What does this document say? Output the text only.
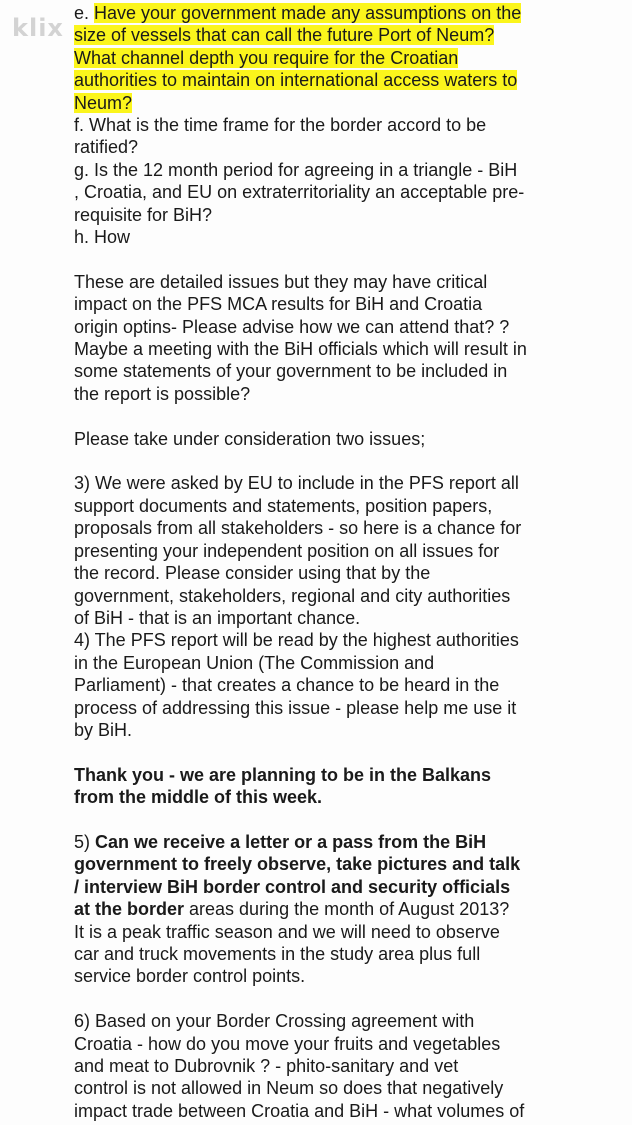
klix
e. Have your government made any assumptions on the
size of vessels that can call the future Port of Neum?
What channel depth you require for the Croatian
authorities to maintain on international access waters to
Neum?
f. What is the time frame for the border accord to be
ratified?
g. Is the 12 month period for agreeing in a triangle - BiH
, Croatia, and EU on extraterritoriality an acceptable pre-
requisite for BiH?
h. How
These are detailed issues but they may have critical
impact on the PFS MCA results for BiH and Croatia
origin optins- Please advise how we can attend that? ?
Maybe a meeting with the BiH officials which will result in
some statements of your government to be included in
the report is possible?
Please take under consideration two issues;
3) We were asked by EU to include in the PFS report all
support documents and statements, position papers,
proposals from all stakeholders - so here is a chance for
presenting your independent position on all issues for
the record. Please consider using that by the
government, stakeholders, regional and city authorities
of BiH - that is an important chance.
4) The PFS report will be read by the highest authorities
in the European Union (The Commission and
Parliament) - that creates a chance to be heard in the
process of addressing this issue - please help me use it
by BiH.
Thank you - we are planning to be in the Balkans
from the middle of this week.
5) Can we receive a letter or a pass from the BiH
government to freely observe, take pictures and talk
/ interview BiH border control and security officials
at the border areas during the month of August 2013?
It is a peak traffic season and we will need to observe
car and truck movements in the study area plus full
service border control points.
6) Based on your Border Crossing agreement with
Croatia - how do you move your fruits and vegetables
and meat to Dubrovnik ? - phito-sanitary and vet
control is not allowed in Neum so does that negatively
impact trade between Croatia and BiH - what volumes of
